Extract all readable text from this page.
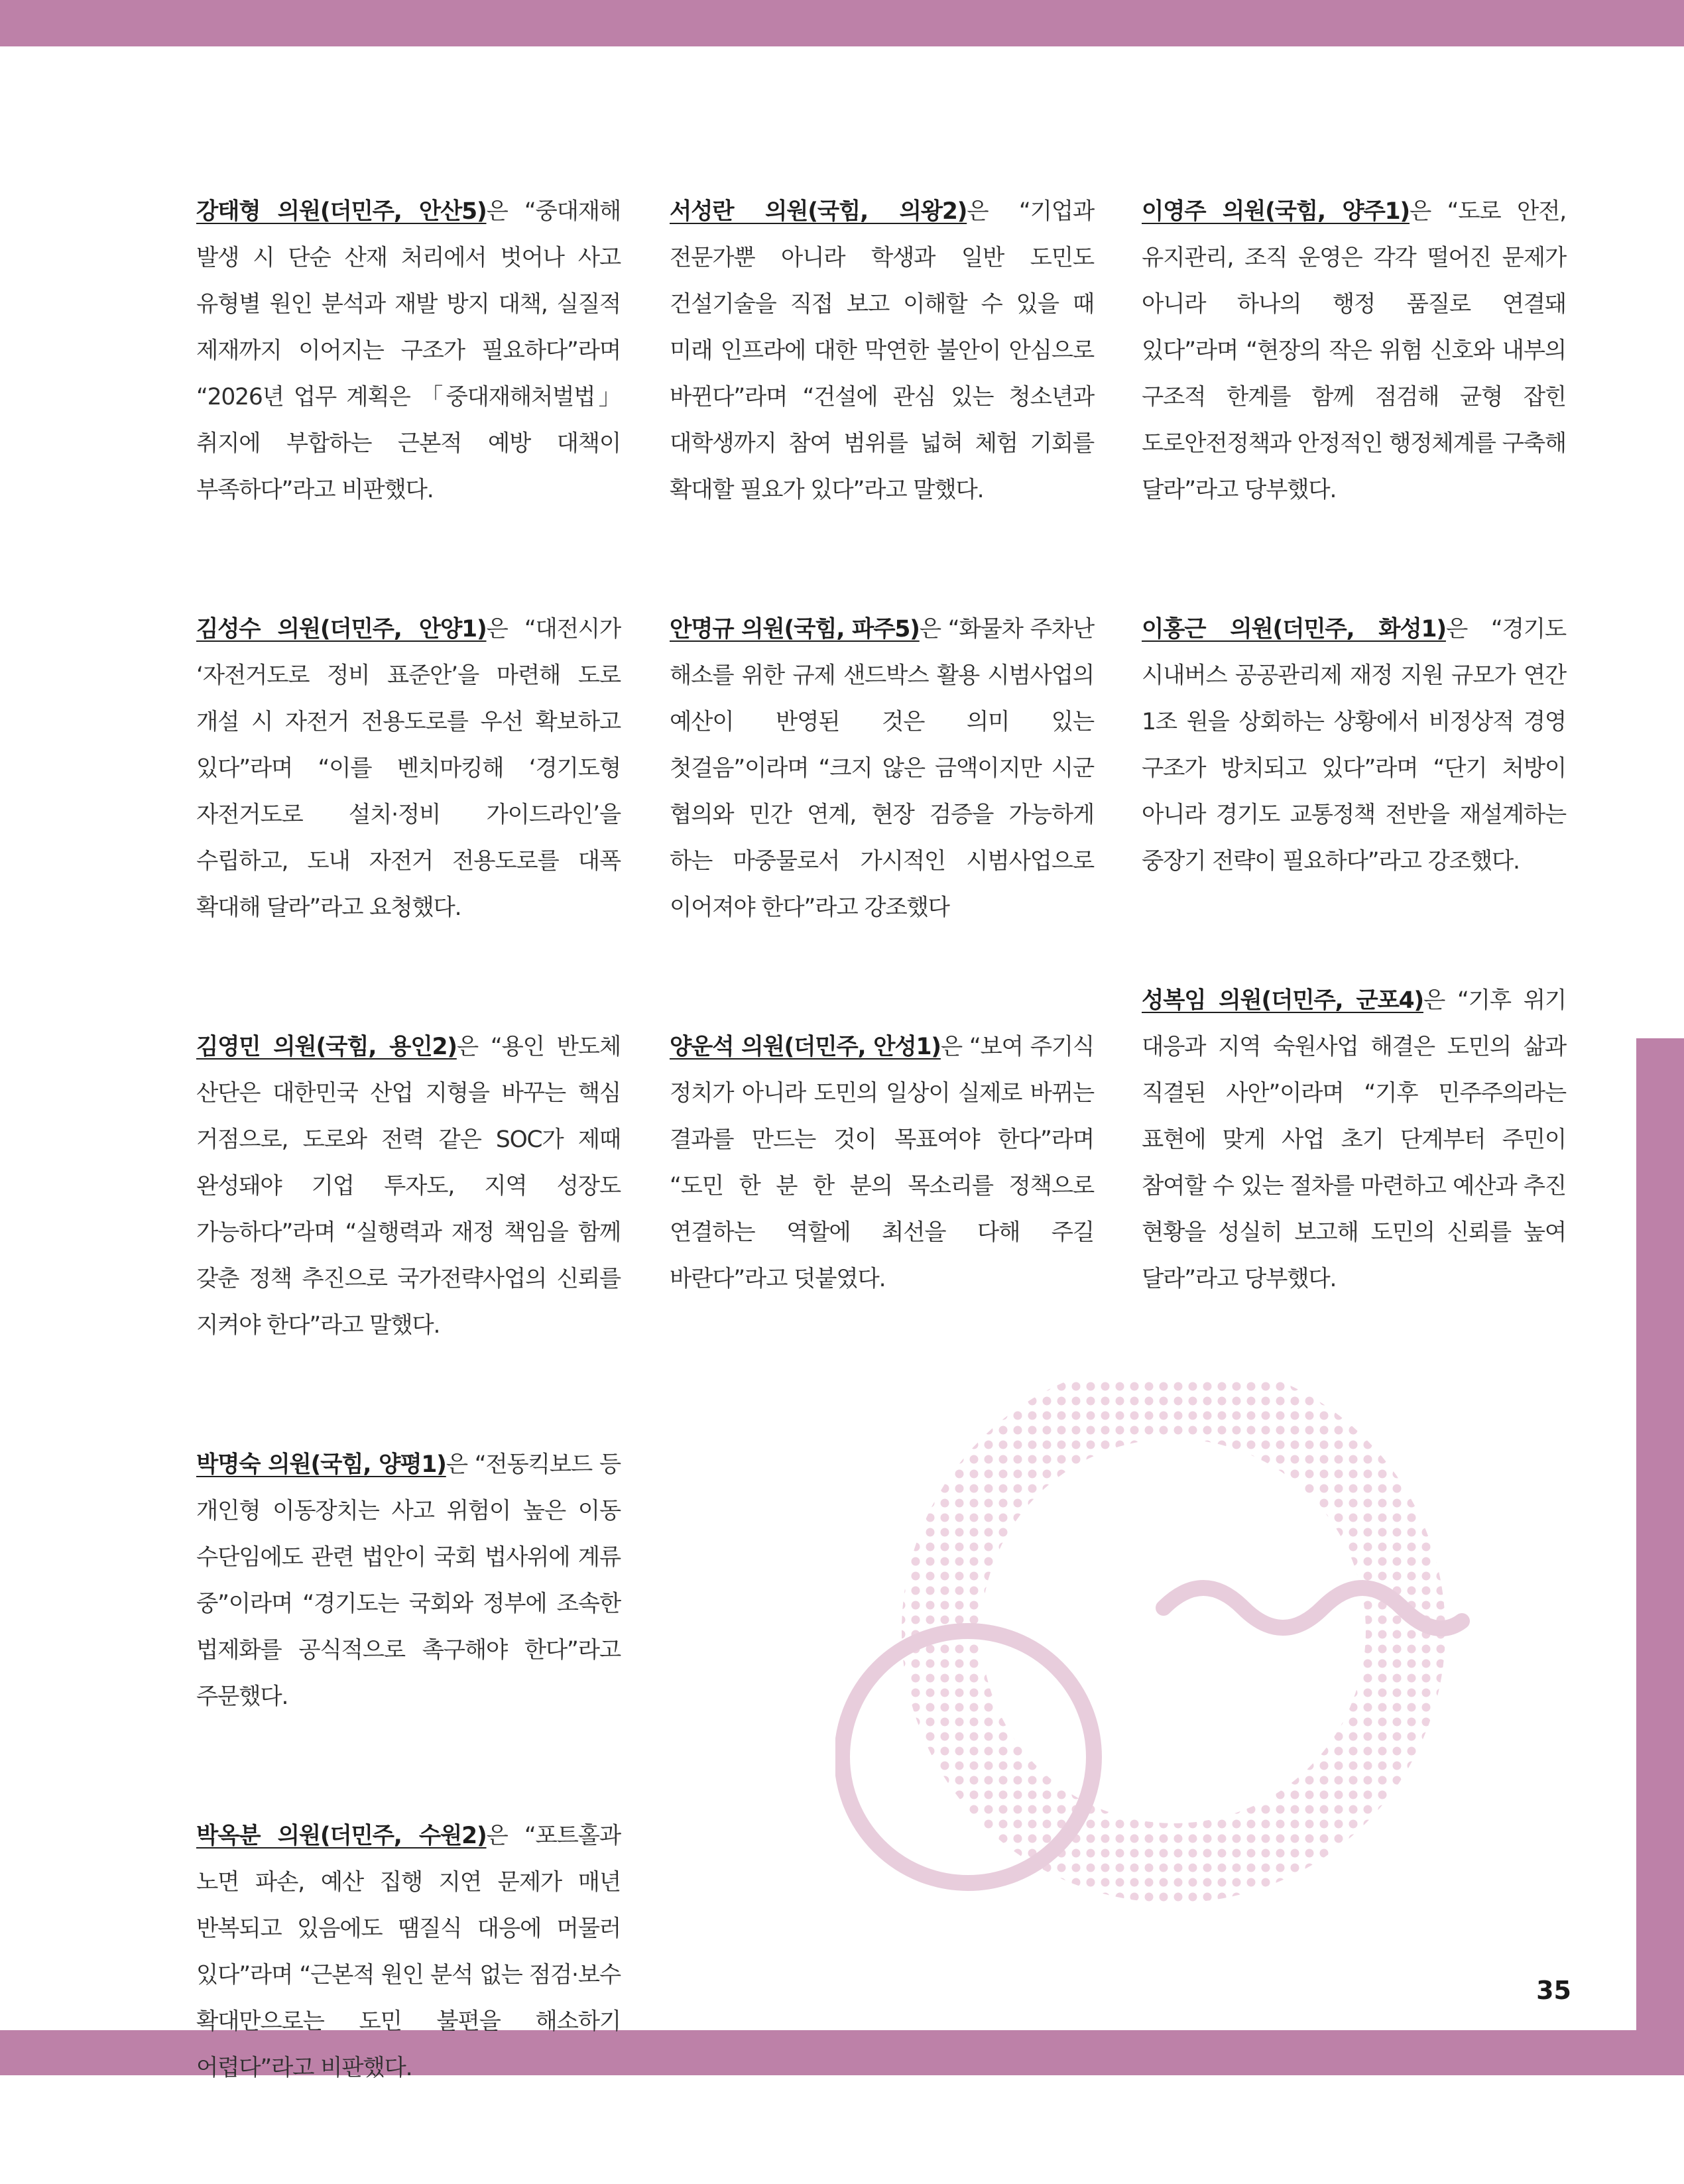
강태형 의원(더민주, 안산5)은 “중대재해 발생 시 단순 산재 처리에서 벗어나 사고 유형별 원인 분석과 재발 방지 대책, 실질적 제재까지 이어지는 구조가 필요하다”라며 “2026년 업무 계획은 「중대재해처벌법」 취지에 부합하는 근본적 예방 대책이 부족하다”라고 비판했다.

김성수 의원(더민주, 안양1)은 “대전시가 ‘자전거도로 정비 표준안’을 마련해 도로 개설 시 자전거 전용도로를 우선 확보하고 있다”라며 “이를 벤치마킹해 ‘경기도형 자전거도로 설치·정비 가이드라인’을 수립하고, 도내 자전거 전용도로를 대폭 확대해 달라”라고 요청했다.

김영민 의원(국힘, 용인2)은 “용인 반도체 산단은 대한민국 산업 지형을 바꾸는 핵심 거점으로, 도로와 전력 같은 SOC가 제때 완성돼야 기업 투자도, 지역 성장도 가능하다”라며 “실행력과 재정 책임을 함께 갖춘 정책 추진으로 국가전략사업의 신뢰를 지켜야 한다”라고 말했다.

박명숙 의원(국힘, 양평1)은 “전동킥보드 등 개인형 이동장치는 사고 위험이 높은 이동 수단임에도 관련 법안이 국회 법사위에 계류 중”이라며 “경기도는 국회와 정부에 조속한 법제화를 공식적으로 촉구해야 한다”라고 주문했다.

박옥분 의원(더민주, 수원2)은 “포트홀과 노면 파손, 예산 집행 지연 문제가 매년 반복되고 있음에도 땜질식 대응에 머물러 있다”라며 “근본적 원인 분석 없는 점검·보수 확대만으로는 도민 불편을 해소하기 어렵다”라고 비판했다.

서성란 의원(국힘, 의왕2)은 “기업과 전문가뿐 아니라 학생과 일반 도민도 건설기술을 직접 보고 이해할 수 있을 때 미래 인프라에 대한 막연한 불안이 안심으로 바뀐다”라며 “건설에 관심 있는 청소년과 대학생까지 참여 범위를 넓혀 체험 기회를 확대할 필요가 있다”라고 말했다.

안명규 의원(국힘, 파주5)은 “화물차 주차난 해소를 위한 규제 샌드박스 활용 시범사업의 예산이 반영된 것은 의미 있는 첫걸음”이라며 “크지 않은 금액이지만 시군 협의와 민간 연계, 현장 검증을 가능하게 하는 마중물로서 가시적인 시범사업으로 이어져야 한다”라고 강조했다

양운석 의원(더민주, 안성1)은 “보여 주기식 정치가 아니라 도민의 일상이 실제로 바뀌는 결과를 만드는 것이 목표여야 한다”라며 “도민 한 분 한 분의 목소리를 정책으로 연결하는 역할에 최선을 다해 주길 바란다”라고 덧붙였다.

이영주 의원(국힘, 양주1)은 “도로 안전, 유지관리, 조직 운영은 각각 떨어진 문제가 아니라 하나의 행정 품질로 연결돼 있다”라며 “현장의 작은 위험 신호와 내부의 구조적 한계를 함께 점검해 균형 잡힌 도로안전정책과 안정적인 행정체계를 구축해 달라”라고 당부했다.

이홍근 의원(더민주, 화성1)은 “경기도 시내버스 공공관리제 재정 지원 규모가 연간 1조 원을 상회하는 상황에서 비정상적 경영 구조가 방치되고 있다”라며 “단기 처방이 아니라 경기도 교통정책 전반을 재설계하는 중장기 전략이 필요하다”라고 강조했다.

성복임 의원(더민주, 군포4)은 “기후 위기 대응과 지역 숙원사업 해결은 도민의 삶과 직결된 사안”이라며 “기후 민주주의라는 표현에 맞게 사업 초기 단계부터 주민이 참여할 수 있는 절차를 마련하고 예산과 추진 현황을 성실히 보고해 도민의 신뢰를 높여 달라”라고 당부했다.

35
